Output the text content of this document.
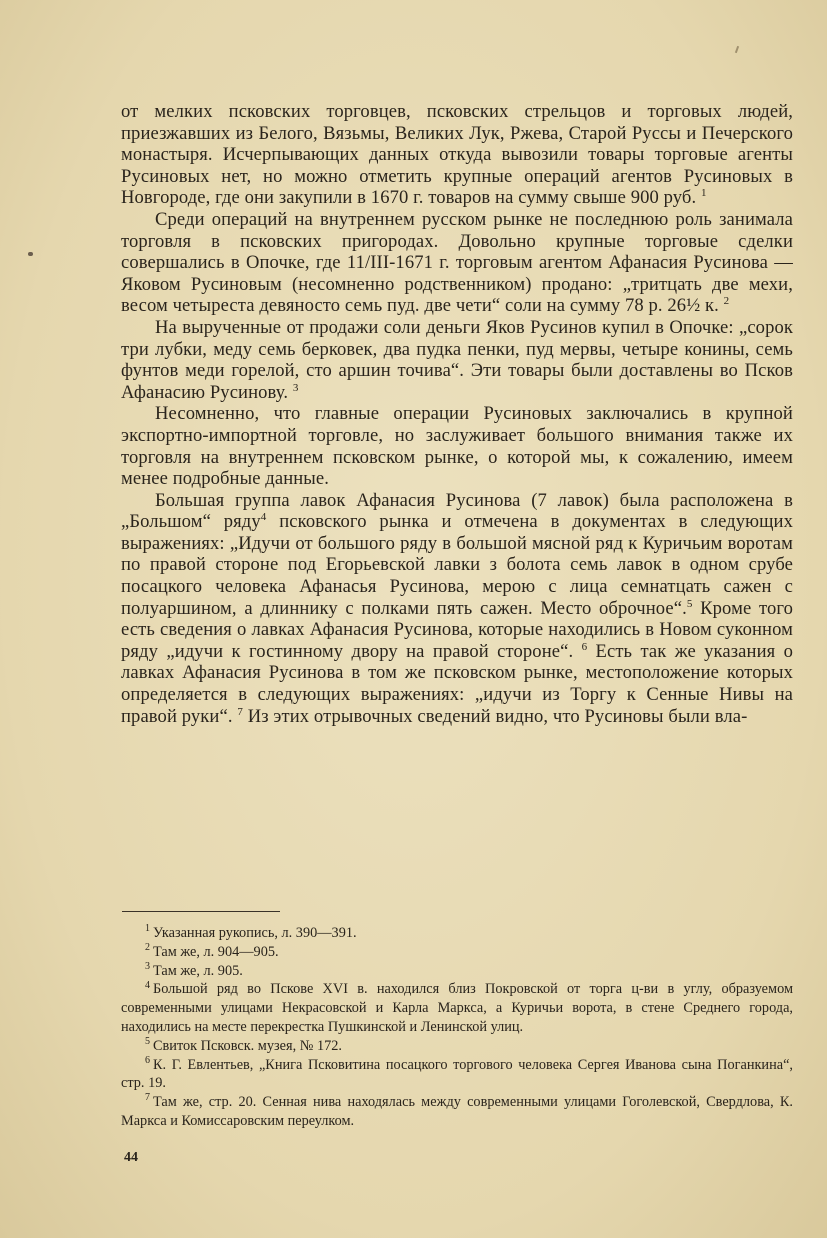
от мелких псковских торговцев, псковских стрельцов и торговых людей, приезжавших из Белого, Вязьмы, Великих Лук, Ржева, Старой Руссы и Печерского монастыря. Исчерпывающих данных откуда вывозили товары торговые агенты Русиновых нет, но можно отметить крупные операций агентов Русиновых в Новгороде, где они закупили в 1670 г. товаров на сумму свыше 900 руб. $^1$

Среди операций на внутреннем русском рынке не последнюю роль занимала торговля в псковских пригородах. Довольно крупные торговые сделки совершались в Опочке, где 11/III-1671 г. торговым агентом Афанасия Русинова — Яковом Русиновым (несомненно родственником) продано: „тритцать две мехи, весом четыреста девяносто семь пуд. две чети“ соли на сумму 78 р. 26½ к. $^2$

На вырученные от продажи соли деньги Яков Русинов купил в Опочке: „сорок три лубки, меду семь берковек, два пудка пенки, пуд мервы, четыре конины, семь фунтов меди горелой, сто аршин точива“. Эти товары были доставлены во Псков Афанасию Русинову. $^3$

Несомненно, что главные операции Русиновых заключались в крупной экспортно-импортной торговле, но заслуживает большого внимания также их торговля на внутреннем псковском рынке, о которой мы, к сожалению, имеем менее подробные данные.

Большая группа лавок Афанасия Русинова (7 лавок) была расположена в „Большом“ ряду$^4$ псковского рынка и отмечена в документах в следующих выражениях: „Идучи от большого ряду в большой мясной ряд к Куричьим воротам по правой стороне под Егорьевской лавки з болота семь лавок в одном срубе посацкого человека Афанасья Русинова, мерою с лица семнатцать сажен с полуаршином, а длиннику с полками пять сажен. Место оброчное“.$^5$ Кроме того есть сведения о лавках Афанасия Русинова, которые находились в Новом суконном ряду „идучи к гостинному двору на правой стороне“. $^6$ Есть так же указания о лавках Афанасия Русинова в том же псковском рынке, местоположение которых определяется в следующих выражениях: „идучи из Торгу к Сенные Нивы на правой руки“. $^7$ Из этих отрывочных сведений видно, что Русиновы были вла-

$^1$ Указанная рукопись, л. 390—391.

$^2$ Там же, л. 904—905.

$^3$ Там же, л. 905.

$^4$ Большой ряд во Пскове XVI в. находился близ Покровской от торга ц-ви в углу, образуемом современными улицами Некрасовской и Карла Маркса, а Куричьи ворота, в стене Среднего города, находились на месте перекрестка Пушкинской и Ленинской улиц.

$^5$ Свиток Псковск. музея, № 172.

$^6$ К. Г. Евлентьев, „Книга Псковитина посацкого торгового человека Сергея Иванова сына Поганкина“, стр. 19.

$^7$ Там же, стр. 20. Сенная нива находялась между современными улицами Гоголевской, Свердлова, К. Маркса и Комиссаровским переулком.

44
